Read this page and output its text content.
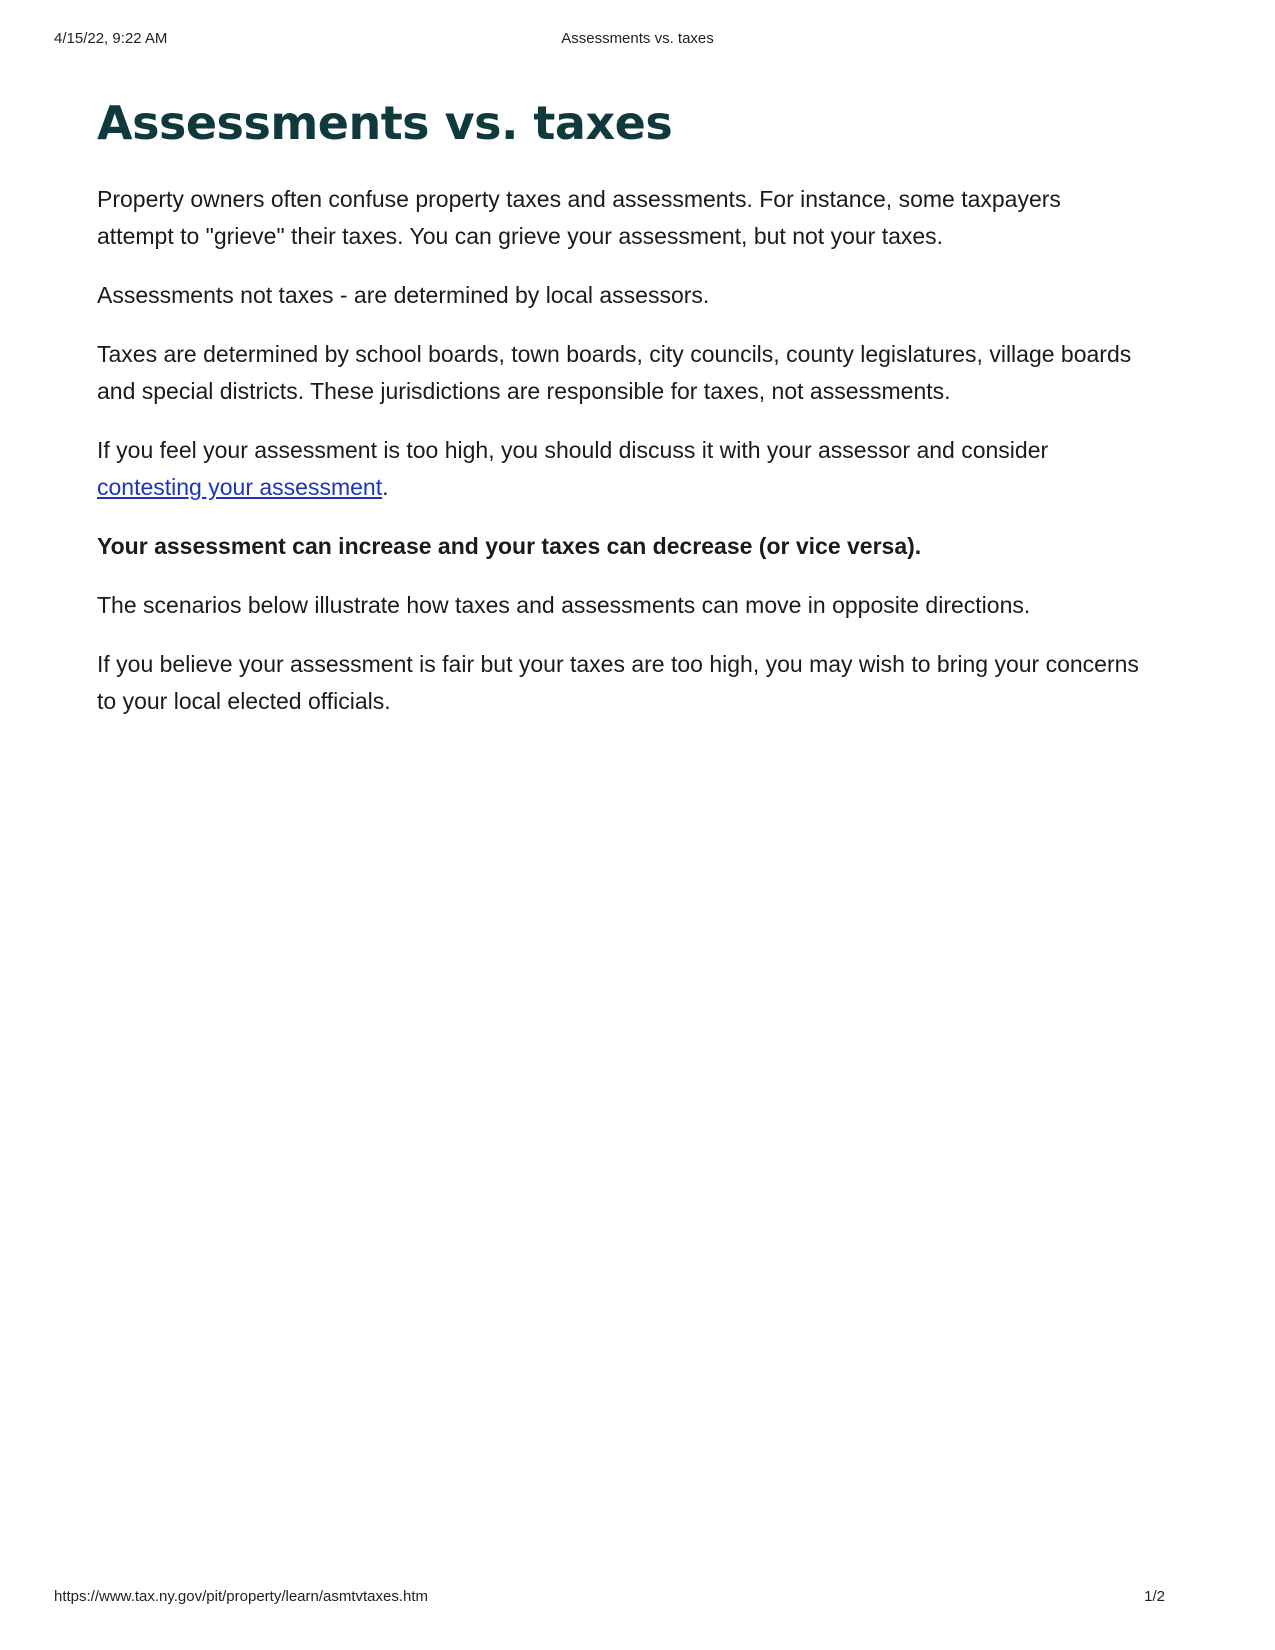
4/15/22, 9:22 AM	Assessments vs. taxes
Assessments vs. taxes

Property owners often confuse property taxes and assessments. For instance, some taxpayers attempt to "grieve" their taxes. You can grieve your assessment, but not your taxes.

Assessments not taxes - are determined by local assessors.

Taxes are determined by school boards, town boards, city councils, county legislatures, village boards and special districts. These jurisdictions are responsible for taxes, not assessments.

If you feel your assessment is too high, you should discuss it with your assessor and consider contesting your assessment.

Your assessment can increase and your taxes can decrease (or vice versa).

The scenarios below illustrate how taxes and assessments can move in opposite directions.

If you believe your assessment is fair but your taxes are too high, you may wish to bring your concerns to your local elected officials.

https://www.tax.ny.gov/pit/property/learn/asmtvtaxes.htm	1/2
